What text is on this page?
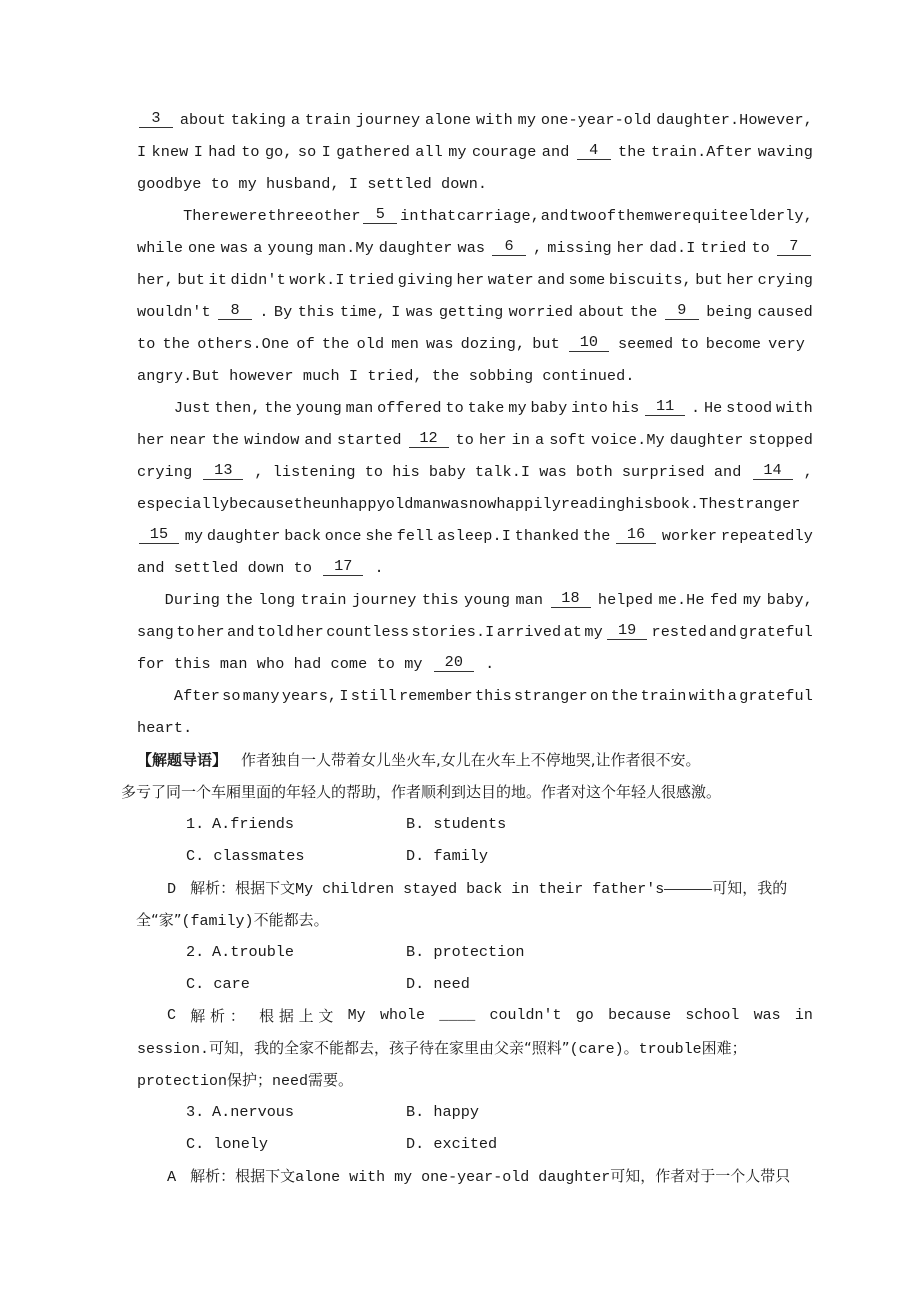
3	about taking a train journey alone with my one-year-old daughter.However,
I knew I had to go, so I gathered all my courage and	4	the train.After waving
goodbye to my husband, I settled down.
There were three other 5 in that carriage, and two of them were quite elderly,
while one was a young man.My daughter was	6	, missing her dad.I tried to	7
her, but it didn't work.I tried giving her water and some biscuits, but her crying
wouldn't	8	. By this time, I was getting worried about the	9	being caused
to the others.One of the old men was dozing, but	10	seemed to become very
angry.But however much I tried, the sobbing continued.
Just then, the young man offered to take my baby into his	11	. He stood with
her near the window and started	12	to her in a soft voice.My daughter stopped
crying	13	, listening to his baby talk.I was both surprised and	14	,
especially because the unhappy old man was now happily reading his book.The stranger
15	my daughter back once she fell asleep.I thanked the	16	worker repeatedly
and settled down to 17 .
During the long train journey this young man	18	helped me.He fed my baby,
sang to her and told her countless stories.I arrived at my 19 rested and grateful
for this man who had come to my 20 .
After so many years, I still remember this stranger on the train with a grateful
heart.
【解题导语】 作者独自一人带着女儿坐火车,女儿在火车上不停地哭,让作者很不安。
多亏了同一个车厢里面的年轻人的帮助，作者顺利到达目的地。作者对这个年轻人很感激。
1. A.friends	B. students
C. classmates	D. family
D 解析：根据下文My children stayed back in their father's	可知，我的
全“家”(family)不能都去。
2. A.trouble	B. protection
C. care	D. need
C 解 析 ： 根 据 上 文 My whole ____ couldn't go because school was in
session.可知，我的全家不能都去，孩子待在家里由父亲“照料”(care)。trouble困难；
protection保护；need需要。
3. A.nervous	B. happy
C. lonely	D. excited
A 解析：根据下文alone with my one-year-old daughter可知，作者对于一个人带只
